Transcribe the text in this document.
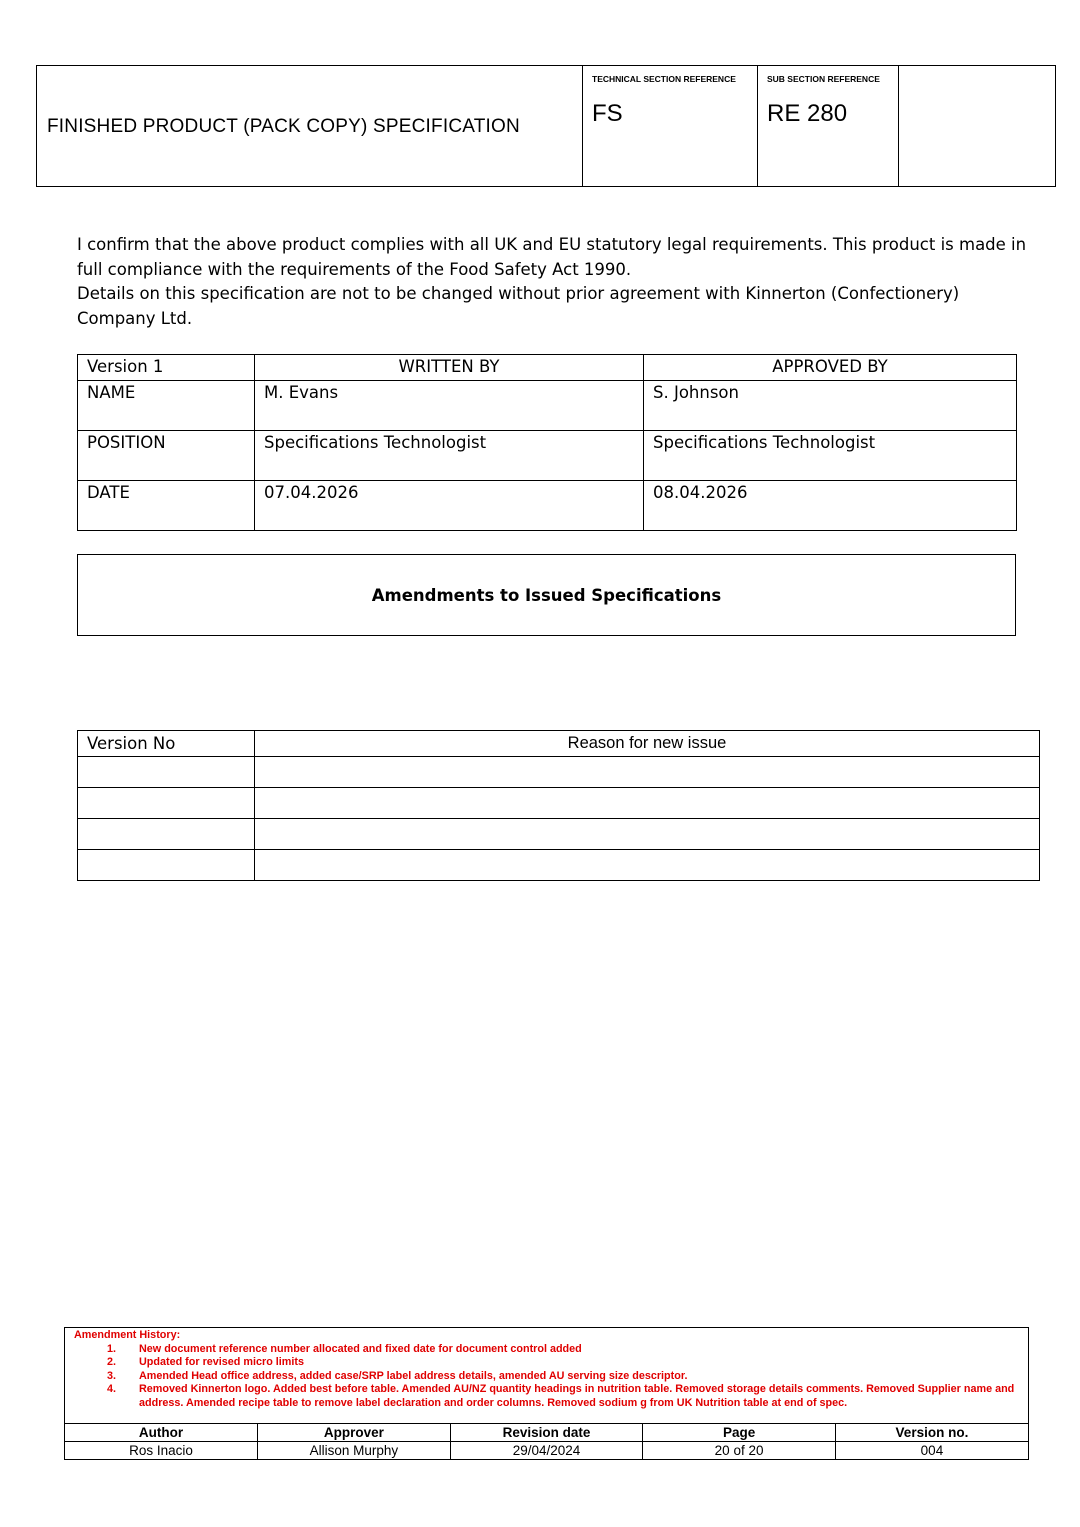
FINISHED PRODUCT (PACK COPY) SPECIFICATION
TECHNICAL SECTION REFERENCE
FS
SUB SECTION REFERENCE
RE 280

I confirm that the above product complies with all UK and EU statutory legal requirements. This product is made in full compliance with the requirements of the Food Safety Act 1990.

Details on this specification are not to be changed without prior agreement with Kinnerton (Confectionery) Company Ltd.

Version 1	WRITTEN BY	APPROVED BY
NAME	M. Evans	S. Johnson
POSITION	Specifications Technologist	Specifications Technologist
DATE	07.04.2026	08.04.2026
Amendments to Issued Specifications
Version No	Reason for new issue

Amendment History:
1. New document reference number allocated and fixed date for document control added
2. Updated for revised micro limits
3. Amended Head office address, added case/SRP label address details, amended AU serving size descriptor.
4. Removed Kinnerton logo. Added best before table. Amended AU/NZ quantity headings in nutrition table. Removed storage details comments. Removed Supplier name and address. Amended recipe table to remove label declaration and order columns. Removed sodium g from UK Nutrition table at end of spec.
Author	Approver	Revision date	Page	Version no.
Ros Inacio	Allison Murphy	29/04/2024	20 of 20	004
